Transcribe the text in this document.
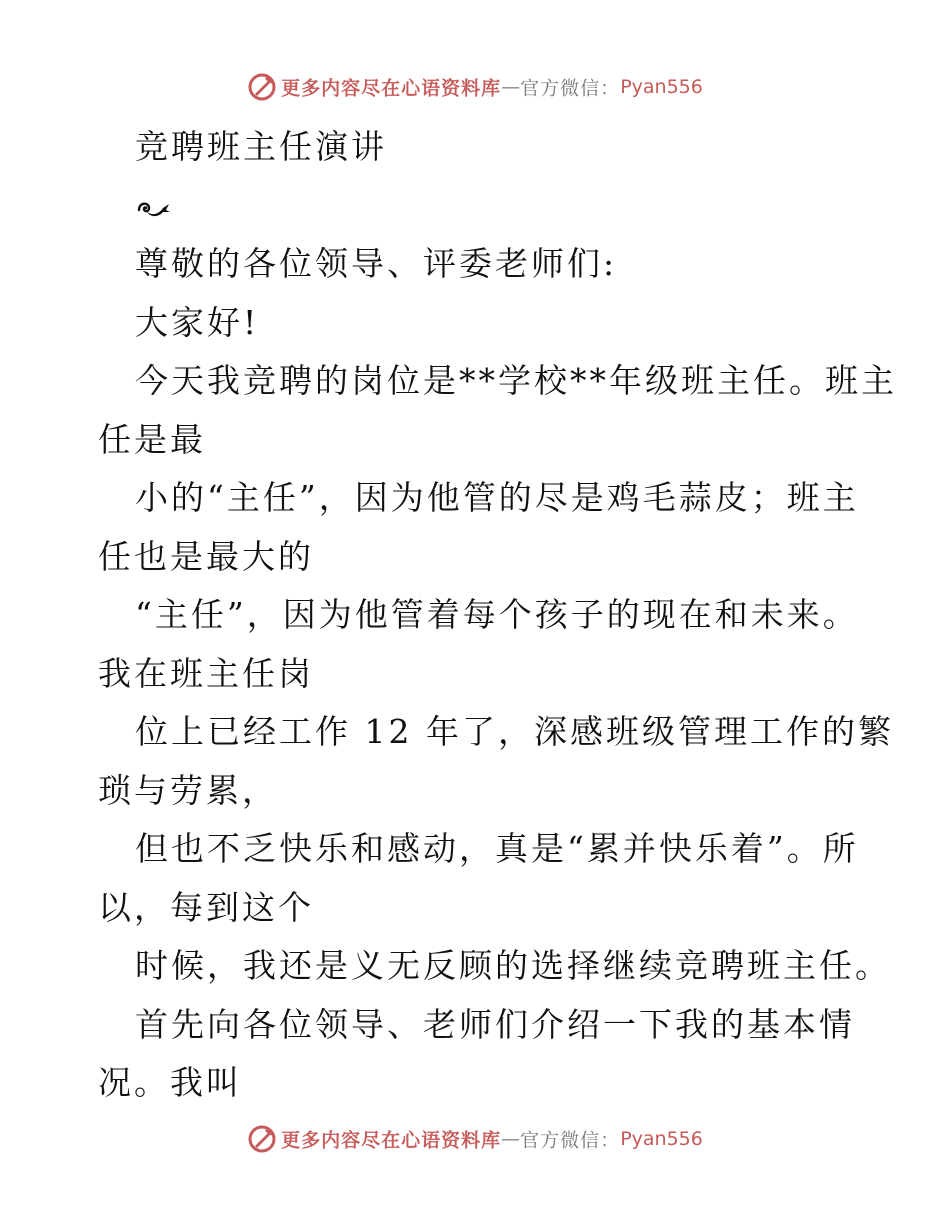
更多内容尽在心语资料库—官方微信：Pyan556
竞聘班主任演讲
尊敬的各位领导、评委老师们:
大家好!
今天我竞聘的岗位是**学校**年级班主任。班主
任是最
小的“主任”，因为他管的尽是鸡毛蒜皮；班主
任也是最大的
“主任”，因为他管着每个孩子的现在和未来。
我在班主任岗
位上已经工作 12 年了，深感班级管理工作的繁
琐与劳累，
但也不乏快乐和感动，真是“累并快乐着”。所
以，每到这个
时候，我还是义无反顾的选择继续竞聘班主任。
首先向各位领导、老师们介绍一下我的基本情
况。我叫
更多内容尽在心语资料库—官方微信：Pyan556
